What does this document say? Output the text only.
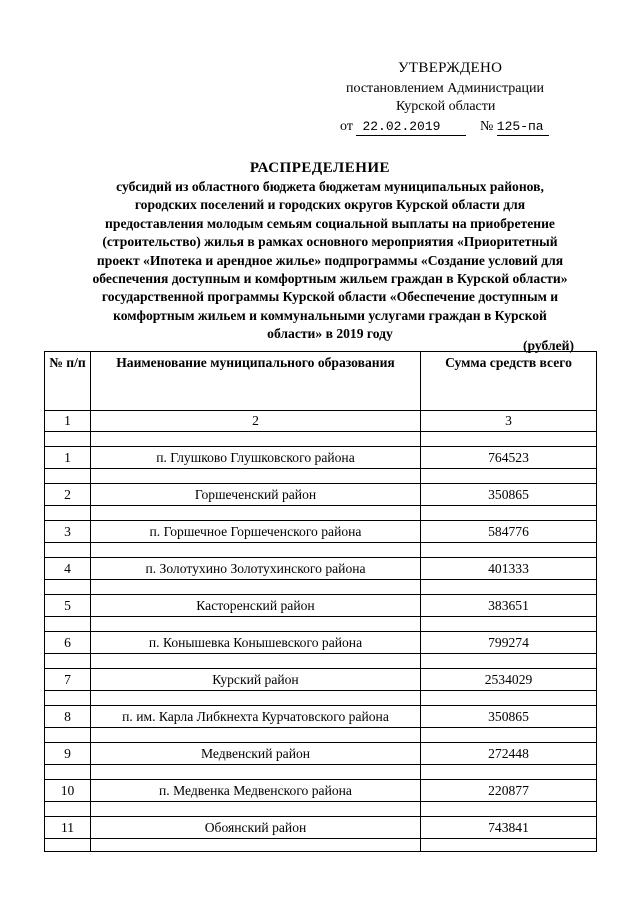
УТВЕРЖДЕНО
постановлением Администрации
Курской области
от 22.02.2019	№ 125-па
РАСПРЕДЕЛЕНИЕ
субсидий из областного бюджета бюджетам муниципальных районов,
городских поселений и городских округов Курской области для
предоставления молодым семьям социальной выплаты на приобретение
(строительство) жилья в рамках основного мероприятия «Приоритетный
проект «Ипотека и арендное жилье» подпрограммы «Создание условий для
обеспечения доступным и комфортным жильем граждан в Курской области»
государственной программы Курской области «Обеспечение доступным и
комфортным жильем и коммунальными услугами граждан в Курской
области» в 2019 году
(рублей)
№ п/п	Наименование муниципального образования	Сумма средств всего
1	2	3

1	п. Глушково Глушковского района	764523

2	Горшеченский район	350865

3	п. Горшечное Горшеченского района	584776

4	п. Золотухино Золотухинского района	401333

5	Касторенский район	383651

6	п. Конышевка Конышевского района	799274

7	Курский район	2534029

8	п. им. Карла Либкнехта Курчатовского района	350865

9	Медвенский район	272448

10	п. Медвенка Медвенского района	220877

11	Обоянский район	743841
